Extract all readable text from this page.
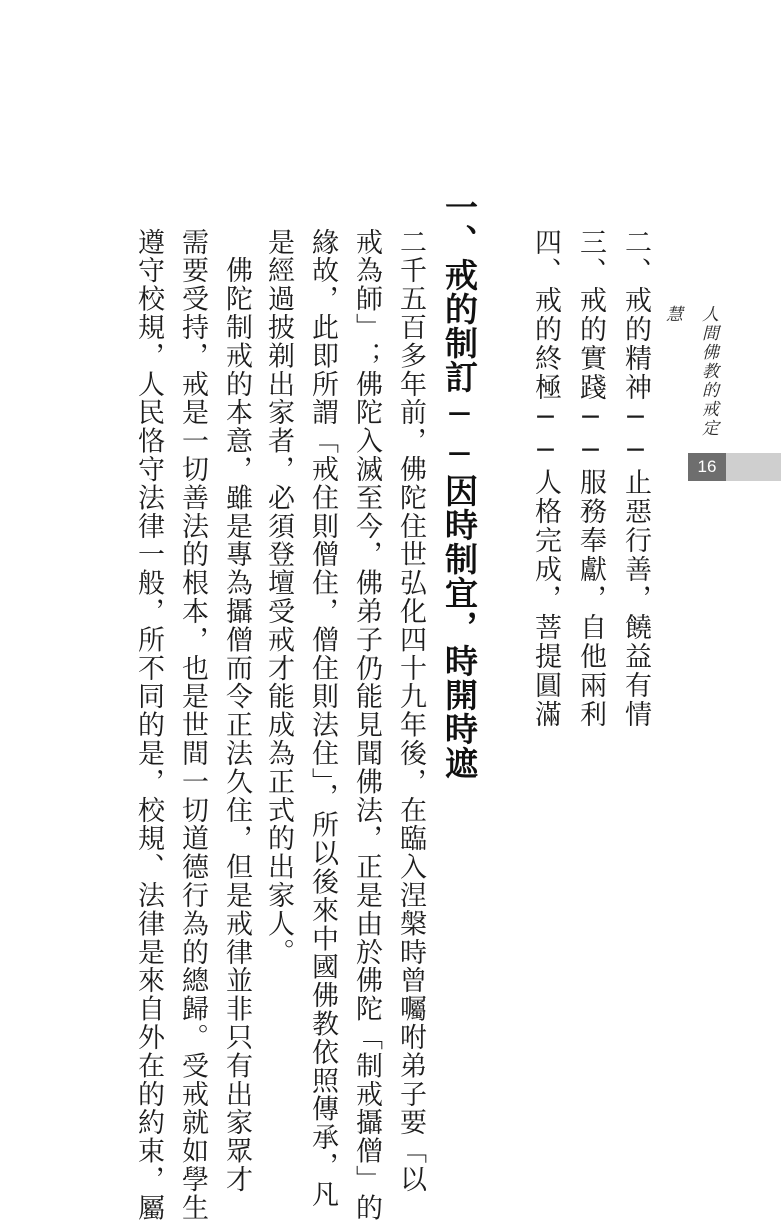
人間佛教的戒定慧
16
二、戒的精神──止惡行善，饒益有情
三、戒的實踐──服務奉獻，自他兩利
四、戒的終極──人格完成，菩提圓滿
一、戒的制訂──因時制宜，時開時遮
二千五百多年前，佛陀住世弘化四十九年後，在臨入涅槃時曾囑咐弟子要「以
戒為師」；佛陀入滅至今，佛弟子仍能見聞佛法，正是由於佛陀「制戒攝僧」的
緣故，此即所謂「戒住則僧住，僧住則法住」，所以後來中國佛教依照傳承，凡
是經過披剃出家者，必須登壇受戒才能成為正式的出家人。
　佛陀制戒的本意，雖是專為攝僧而令正法久住，但是戒律並非只有出家眾才
需要受持，戒是一切善法的根本，也是世間一切道德行為的總歸。受戒就如學生
遵守校規，人民恪守法律一般，所不同的是，校規、法律是來自外在的約束，屬
